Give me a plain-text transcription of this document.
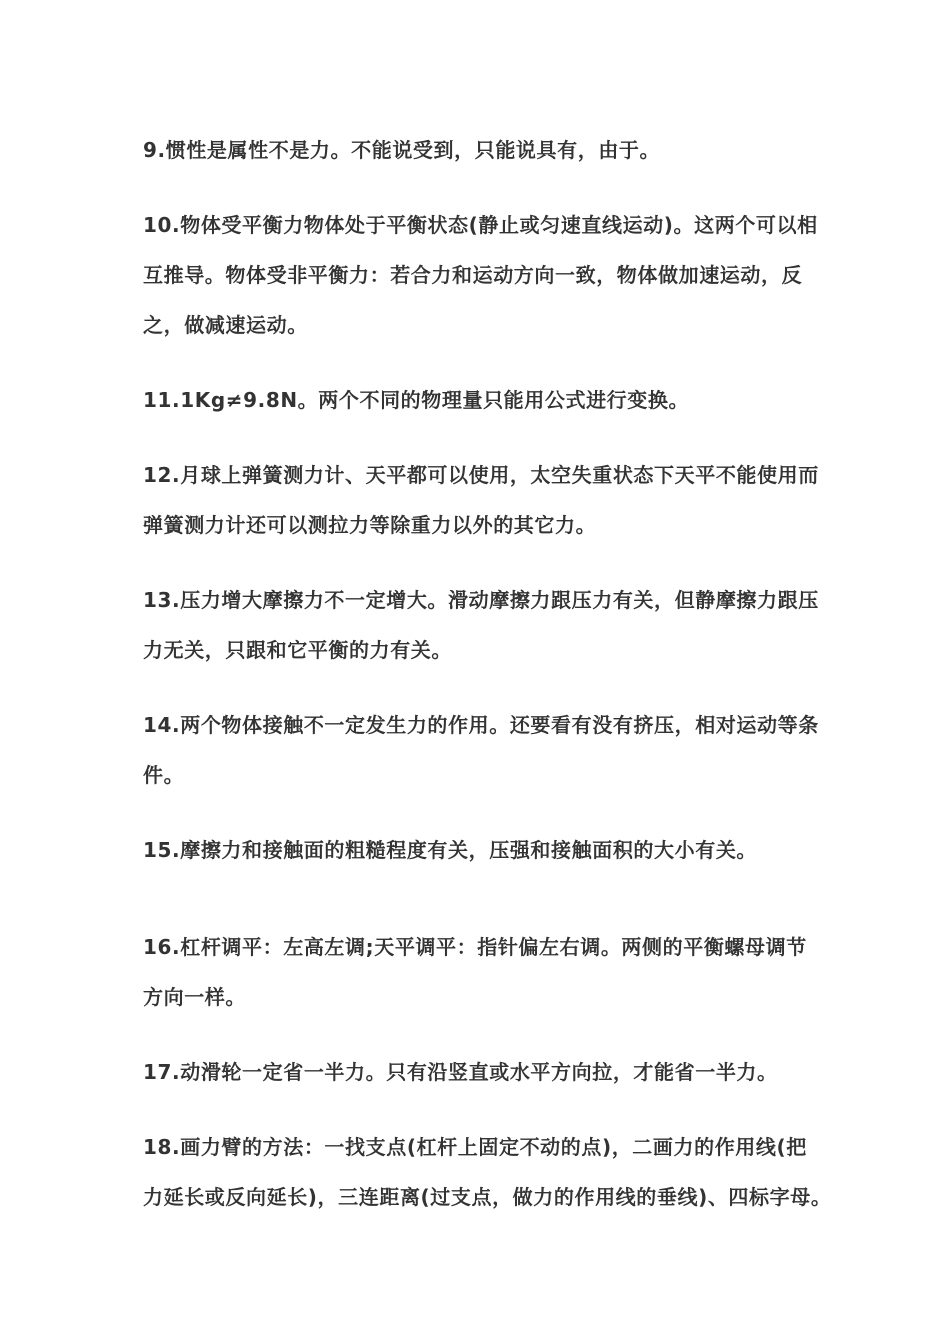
9.惯性是属性不是力。不能说受到，只能说具有，由于。
10.物体受平衡力物体处于平衡状态(静止或匀速直线运动)。这两个可以相
互推导。物体受非平衡力：若合力和运动方向一致，物体做加速运动，反
之，做减速运动。
11.1Kg≠9.8N。两个不同的物理量只能用公式进行变换。
12.月球上弹簧测力计、天平都可以使用，太空失重状态下天平不能使用而
弹簧测力计还可以测拉力等除重力以外的其它力。
13.压力增大摩擦力不一定增大。滑动摩擦力跟压力有关，但静摩擦力跟压
力无关，只跟和它平衡的力有关。
14.两个物体接触不一定发生力的作用。还要看有没有挤压，相对运动等条
件。
15.摩擦力和接触面的粗糙程度有关，压强和接触面积的大小有关。
16.杠杆调平：左高左调;天平调平：指针偏左右调。两侧的平衡螺母调节
方向一样。
17.动滑轮一定省一半力。只有沿竖直或水平方向拉，才能省一半力。
18.画力臂的方法：一找支点(杠杆上固定不动的点)，二画力的作用线(把
力延长或反向延长)，三连距离(过支点，做力的作用线的垂线)、四标字母。
